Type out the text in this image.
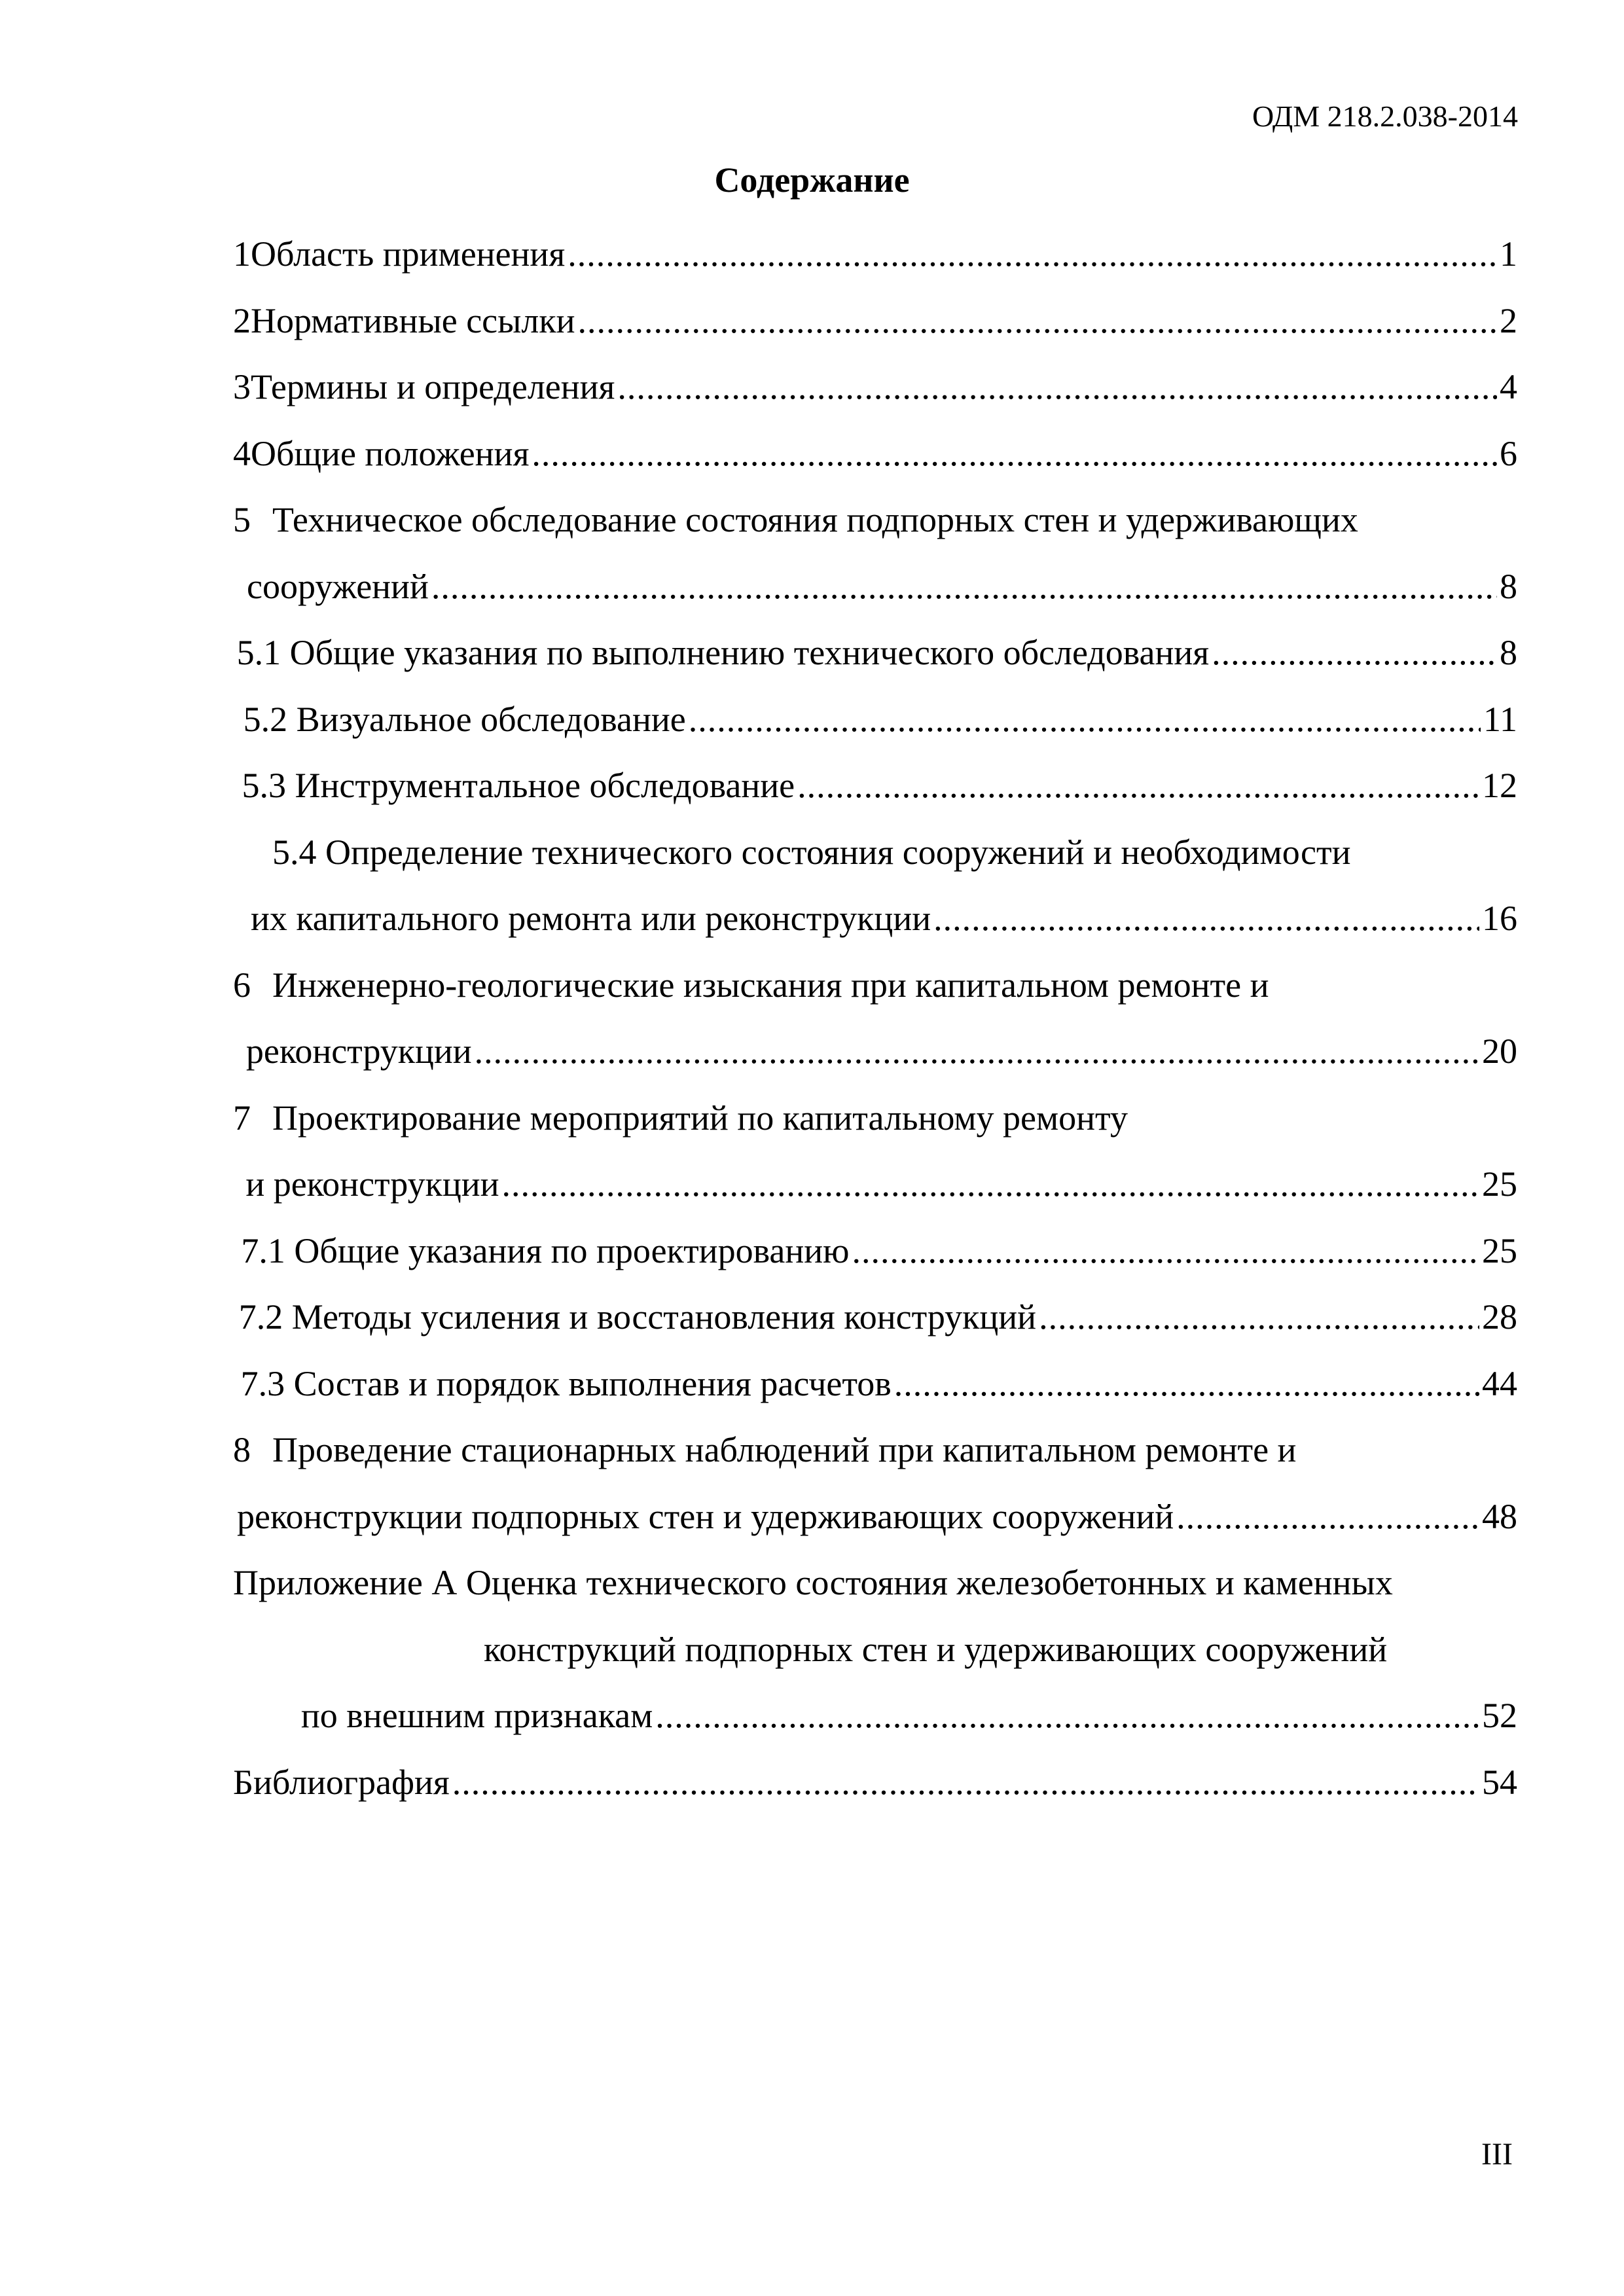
ОДМ 218.2.038-2014
Содержание
1 Область применения .....	1
2 Нормативные ссылки .....	2
3 Термины и определения .....	4
4 Общие положения .....	6
5 Техническое обследование состояния подпорных стен и удерживающих
сооружений .....	8
5.1 Общие указания по выполнению технического обследования .....	8
5.2 Визуальное обследование .....	11
5.3 Инструментальное обследование .....	12
5.4 Определение технического состояния сооружений и необходимости
их капитального ремонта или реконструкции .....	16
6 Инженерно-геологические изыскания при капитальном ремонте и
реконструкции .....	20
7 Проектирование мероприятий по капитальному ремонту
и реконструкции .....	25
7.1 Общие указания по проектированию .....	25
7.2 Методы усиления и восстановления конструкций .....	28
7.3 Состав и порядок выполнения расчетов .....	44
8 Проведение стационарных наблюдений при капитальном ремонте и
реконструкции подпорных стен и удерживающих сооружений .....	48
Приложение А Оценка технического состояния железобетонных и каменных
конструкций подпорных стен и удерживающих сооружений
по внешним признакам .....	52
Библиография .....	54
III
